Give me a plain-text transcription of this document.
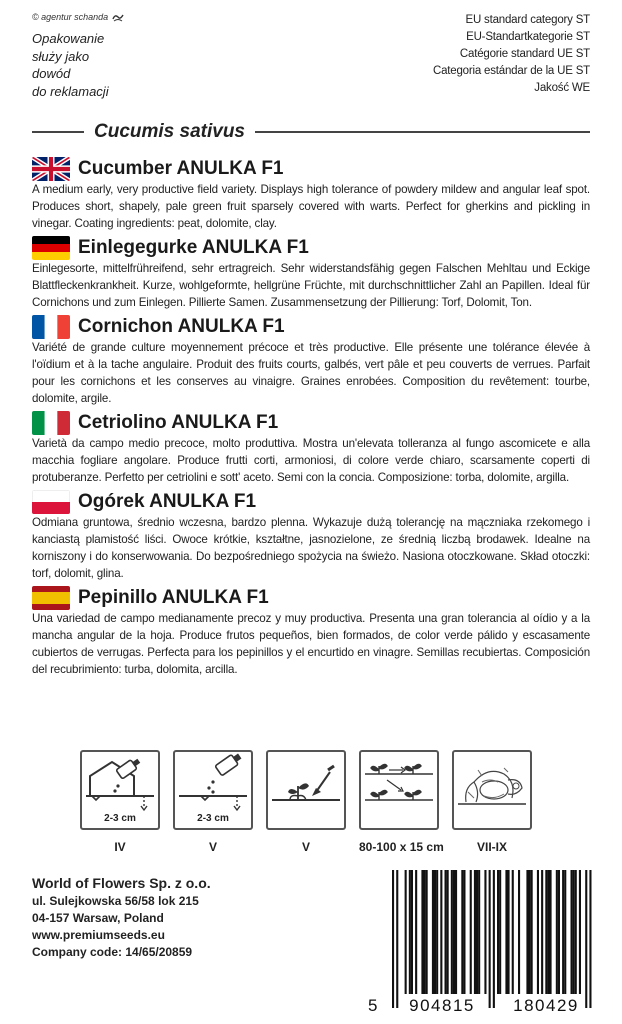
© agentur schanda
Opakowanie
służy jako
dowód
do reklamacji
EU standard category ST
EU-Standartkategorie ST
Catégorie standard UE ST
Categoria estándar de la UE ST
Jakość WE
Cucumis sativus
Cucumber ANULKA F1

A medium early, very productive field variety. Displays high tolerance of powdery mildew and angular leaf spot. Produces short, shapely, pale green fruit sparsely covered with warts. Perfect for gherkins and pickling in vinegar. Coating ingredients: peat, dolomite, clay.

Einlegegurke ANULKA F1

Einlegesorte, mittelfrühreifend, sehr ertragreich. Sehr widerstandsfähig gegen Falschen Mehltau und Eckige Blattfleckenkrankheit. Kurze, wohlgeformte, hellgrüne Früchte, mit durchschnittlicher Zahl an Papillen. Ideal für Cornichons und zum Einlegen. Pillierte Samen. Zusammensetzung der Pillierung: Torf, Dolomit, Ton.

Cornichon ANULKA F1

Variété de grande culture moyennement précoce et très productive. Elle présente une tolérance élevée à l'oïdium et à la tache angulaire. Produit des fruits courts, galbés, vert pâle et peu couverts de verrues. Parfait pour les cornichons et les conserves au vinaigre. Graines enrobées. Composition du revêtement: tourbe, dolomite, argile.

Cetriolino ANULKA F1

Varietà da campo medio precoce, molto produttiva. Mostra un'elevata tolleranza al fungo ascomicete e alla macchia fogliare angolare. Produce frutti corti, armoniosi, di colore verde chiaro, scarsamente coperti di protuberanze. Perfetto per cetriolini e sott' aceto. Semi con la concia. Composizione: torba, dolomite, argilla.

Ogórek ANULKA F1

Odmiana gruntowa, średnio wczesna, bardzo plenna. Wykazuje dużą tolerancję na mączniaka rzekomego i kanciastą plamistość liści. Owoce krótkie, kształtne, jasnozielone, ze średnią liczbą brodawek. Idealne na korniszony i do konserwowania. Do bezpośredniego spożycia na świeżo. Nasiona otoczkowane. Skład otoczki: torf, dolomit, glina.

Pepinillo ANULKA F1

Una variedad de campo medianamente precoz y muy productiva. Presenta una gran tolerancia al oídio y a la mancha angular de la hoja. Produce frutos pequeños, bien formados, de color verde pálido y escasamente cubiertos de verrugas. Perfecta para los pepinillos y el encurtido en vinagre. Semillas recubiertas. Composición del recubrimiento: turba, dolomita, arcilla.

2-3 cm
IV
2-3 cm
V	V	80-100 x 15 cm	VII-IX
World of Flowers Sp. z o.o.
ul. Sulejkowska 56/58 lok 215
04-157 Warsaw, Poland
www.premiumseeds.eu
Company code: 14/65/20859
5	904815	180429
